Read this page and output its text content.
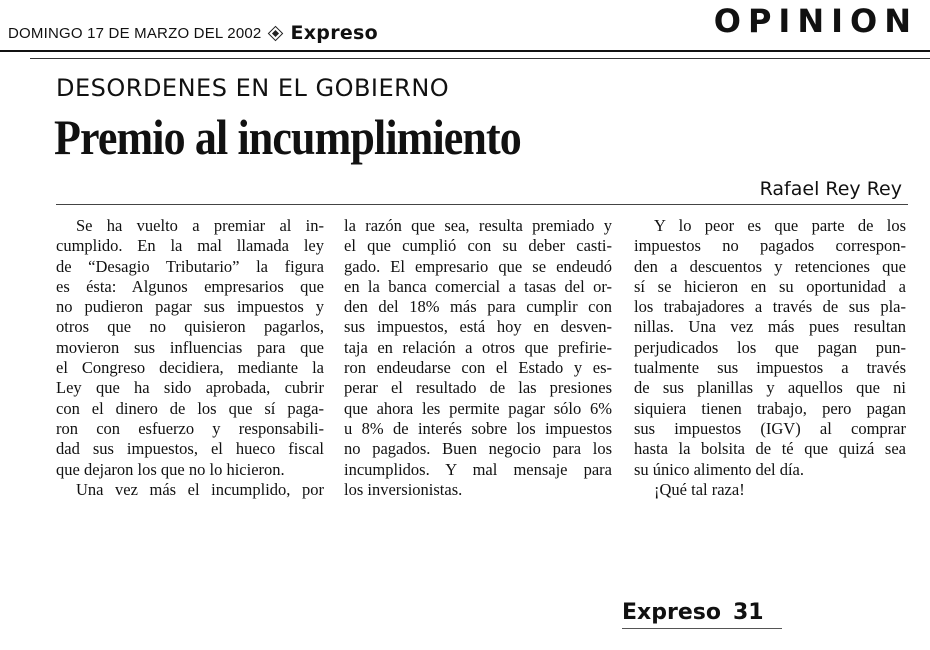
DOMINGO 17 DE MARZO DEL 2002 Expreso	OPINION
DESORDENES EN EL GOBIERNO
Premio al incumplimiento
Rafael Rey Rey
Se ha vuelto a premiar al in-
cumplido. En la mal llamada ley
de “Desagio Tributario” la figura
es ésta: Algunos empresarios que
no pudieron pagar sus impuestos y
otros que no quisieron pagarlos,
movieron sus influencias para que
el Congreso decidiera, mediante la
Ley que ha sido aprobada, cubrir
con el dinero de los que sí paga-
ron con esfuerzo y responsabili-
dad sus impuestos, el hueco fiscal
que dejaron los que no lo hicieron.
Una vez más el incumplido, por
la razón que sea, resulta premiado y
el que cumplió con su deber casti-
gado. El empresario que se endeudó
en la banca comercial a tasas del or-
den del 18% más para cumplir con
sus impuestos, está hoy en desven-
taja en relación a otros que prefirie-
ron endeudarse con el Estado y es-
perar el resultado de las presiones
que ahora les permite pagar sólo 6%
u 8% de interés sobre los impuestos
no pagados. Buen negocio para los
incumplidos. Y mal mensaje para
los inversionistas.
Y lo peor es que parte de los
impuestos no pagados correspon-
den a descuentos y retenciones que
sí se hicieron en su oportunidad a
los trabajadores a través de sus pla-
nillas. Una vez más pues resultan
perjudicados los que pagan pun-
tualmente sus impuestos a través
de sus planillas y aquellos que ni
siquiera tienen trabajo, pero pagan
sus impuestos (IGV) al comprar
hasta la bolsita de té que quizá sea
su único alimento del día.
¡Qué tal raza!
Expreso 31
